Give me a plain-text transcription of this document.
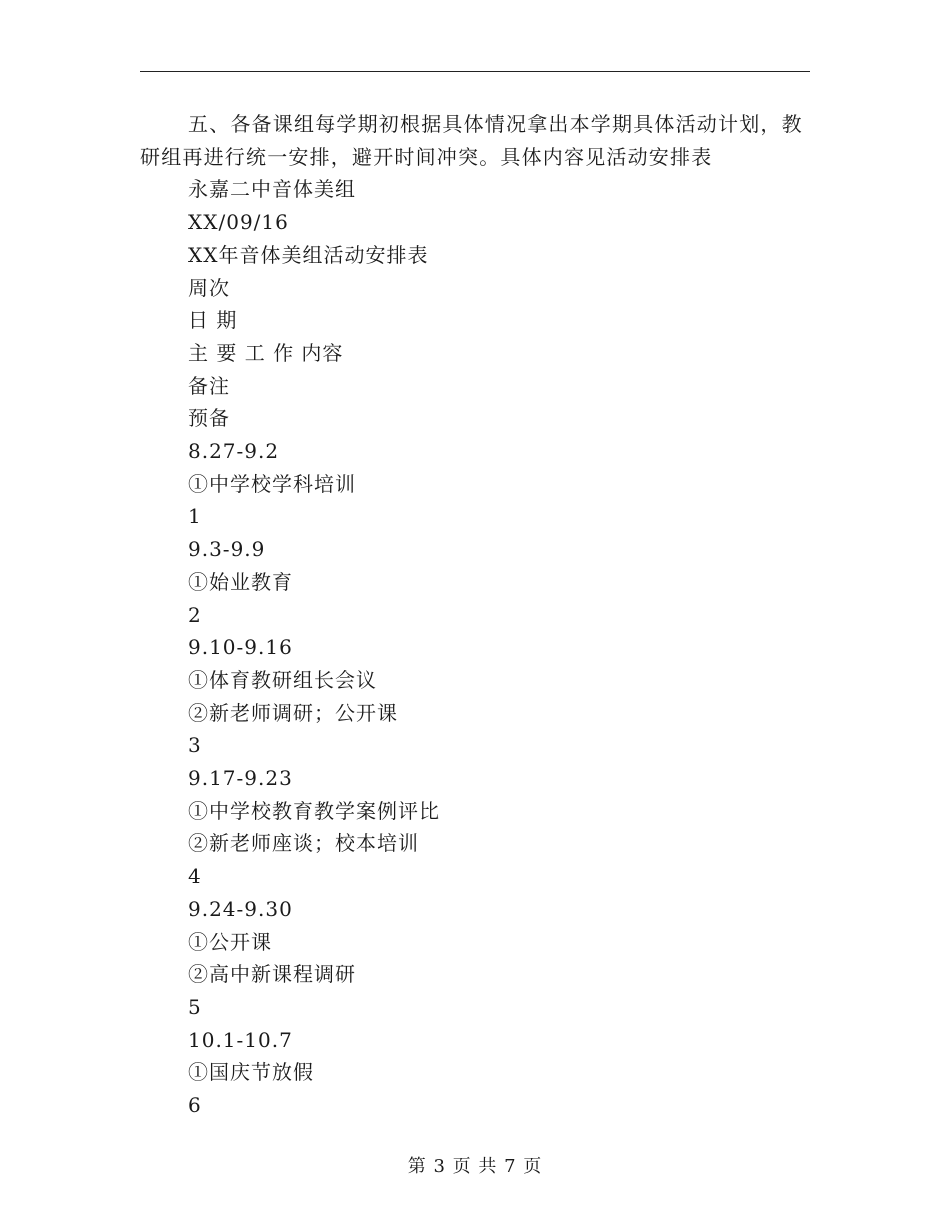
五、各备课组每学期初根据具体情况拿出本学期具体活动计划，教研组再进行统一安排，避开时间冲突。具体内容见活动安排表

永嘉二中音体美组

XX/09/16

XX年音体美组活动安排表

周次

日 期

主 要 工 作 内容

备注

预备

8.27-9.2

①中学校学科培训

1

9.3-9.9

①始业教育

2

9.10-9.16

①体育教研组长会议

②新老师调研；公开课

3

9.17-9.23

①中学校教育教学案例评比

②新老师座谈；校本培训

4

9.24-9.30

①公开课

②高中新课程调研

5

10.1-10.7

①国庆节放假

6

第 3 页 共 7 页
